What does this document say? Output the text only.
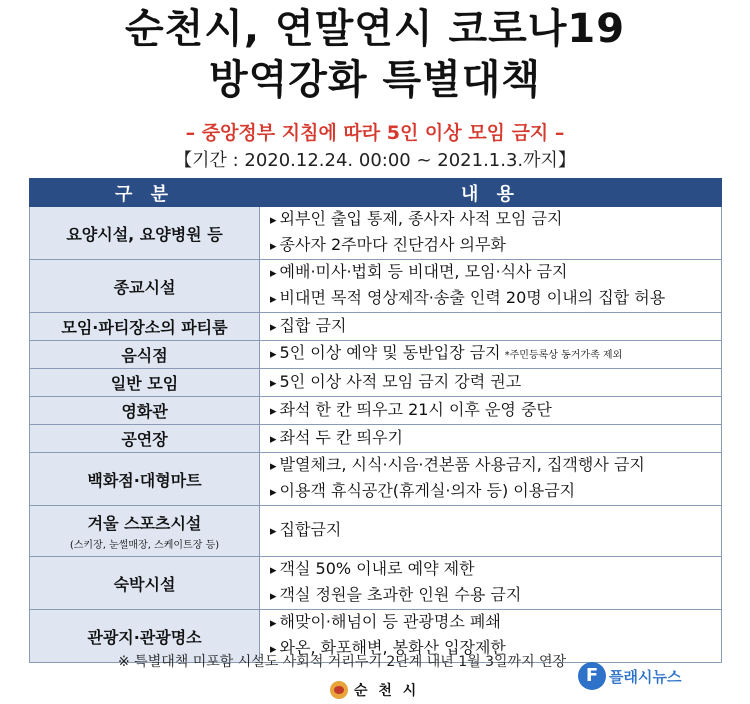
순천시, 연말연시 코로나19
방역강화 특별대책
– 중앙정부 지침에 따라 5인 이상 모임 금지 –
【기간 : 2020.12.24. 00:00 ~ 2021.1.3.까지】
구 분	내 용
요양시설, 요양병원 등	▸ 외부인 출입 통제, 종사자 사적 모임 금지
▸ 종사자 2주마다 진단검사 의무화

종교시설	▸ 예배·미사·법회 등 비대면, 모임·식사 금지
▸ 비대면 목적 영상제작·송출 인력 20명 이내의 집합 허용

모임·파티장소의 파티룸	▸ 집합 금지

음식점	▸ 5인 이상 예약 및 동반입장 금지 *주민등록상 동거가족 제외

일반 모임	▸ 5인 이상 사적 모임 금지 강력 권고

영화관	▸ 좌석 한 칸 띄우고 21시 이후 운영 중단

공연장	▸ 좌석 두 칸 띄우기

백화점·대형마트	▸ 발열체크, 시식·시음·견본품 사용금지, 집객행사 금지
▸ 이용객 휴식공간(휴게실·의자 등) 이용금지

겨울 스포츠시설
(스키장, 눈썰매장, 스케이트장 등)	▸ 집합금지

숙박시설	▸ 객실 50% 이내로 예약 제한
▸ 객실 정원을 초과한 인원 수용 금지

관광지·관광명소	▸ 해맞이·해넘이 등 관광명소 폐쇄
▸ 와온, 화포해변, 봉화산 입장제한
※ 특별대책 미포함 시설도 사회적 거리두기 2단계 내년 1월 3일까지 연장
순 천 시
F 플래시뉴스
